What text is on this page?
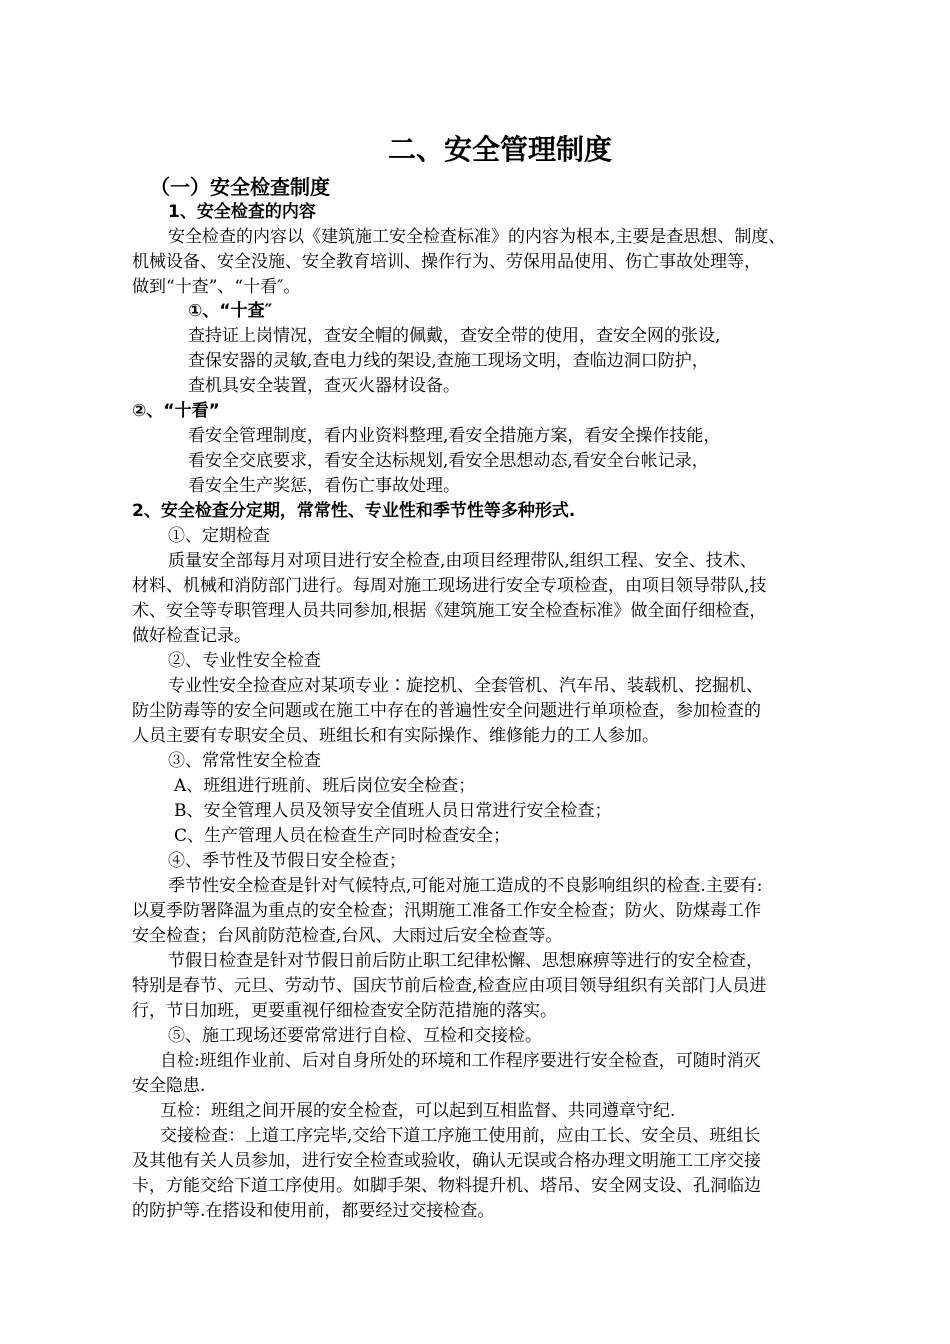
二、安全管理制度
（一）安全检查制度
1、安全检查的内容
安全检查的内容以《建筑施工安全检查标准》的内容为根本,主要是查思想、制度、
机械设备、安全没施、安全教育培训、操作行为、劳保用品使用、伤亡事故处理等，
做到“十查”、“十看″。
①、“十查″
查持证上岗情况，查安全帽的佩戴，查安全带的使用，查安全网的张设,
查保安器的灵敏,查电力线的架设,查施工现场文明，查临边洞口防护，
查机具安全装置，查灭火器材设备。
②、“十看”
看安全管理制度，看内业资料整理,看安全措施方案，看安全操作技能，
看安全交底要求，看安全达标规划,看安全思想动态,看安全台帐记录，
看安全生产奖惩，看伤亡事故处理。
2、安全检查分定期，常常性、专业性和季节性等多种形式.
①、定期检查
质量安全部每月对项目进行安全检查,由项目经理带队,组织工程、安全、技术、
材料、机械和消防部门进行。每周对施工现场进行安全专项检查，由项目领导带队,技
术、安全等专职管理人员共同参加,根据《建筑施工安全检查标准》做全面仔细检查，
做好检查记录。
②、专业性安全检查
专业性安全捡查应对某项专业∶旋挖机、全套管机、汽车吊、装载机、挖掘机、
防尘防毒等的安全问题或在施工中存在的普遍性安全问题进行单项检查，参加检查的
人员主要有专职安全员、班组长和有实际操作、维修能力的工人参加。
③、常常性安全检查
A、班组进行班前、班后岗位安全检查；
B、安全管理人员及领导安全值班人员日常进行安全检查；
C、生产管理人员在检查生产同时检查安全；
④、季节性及节假日安全检查；
季节性安全检查是针对气候特点,可能对施工造成的不良影响组织的检查.主要有:
以夏季防署降温为重点的安全检查；汛期施工准备工作安全检查；防火、防煤毒工作
安全检查；台风前防范检查,台风、大雨过后安全检查等。
节假日检查是针对节假日前后防止职工纪律松懈、思想麻痹等进行的安全检查，
特别是春节、元旦、劳动节、国庆节前后检查,检查应由项目领导组织有关部门人员进
行，节日加班，更要重视仔细检查安全防范措施的落实。
⑤、施工现场还要常常进行自检、互检和交接检。
自检:班组作业前、后对自身所处的环境和工作程序要进行安全检查，可随时消灭
安全隐患.
互检：班组之间开展的安全检查，可以起到互相监督、共同遵章守纪.
交接检查：上道工序完毕,交给下道工序施工使用前，应由工长、安全员、班组长
及其他有关人员参加，进行安全检查或验收，确认无误或合格办理文明施工工序交接
卡，方能交给下道工序使用。如脚手架、物料提升机、塔吊、安全网支设、孔洞临边
的防护等.在搭设和使用前，都要经过交接检查。
